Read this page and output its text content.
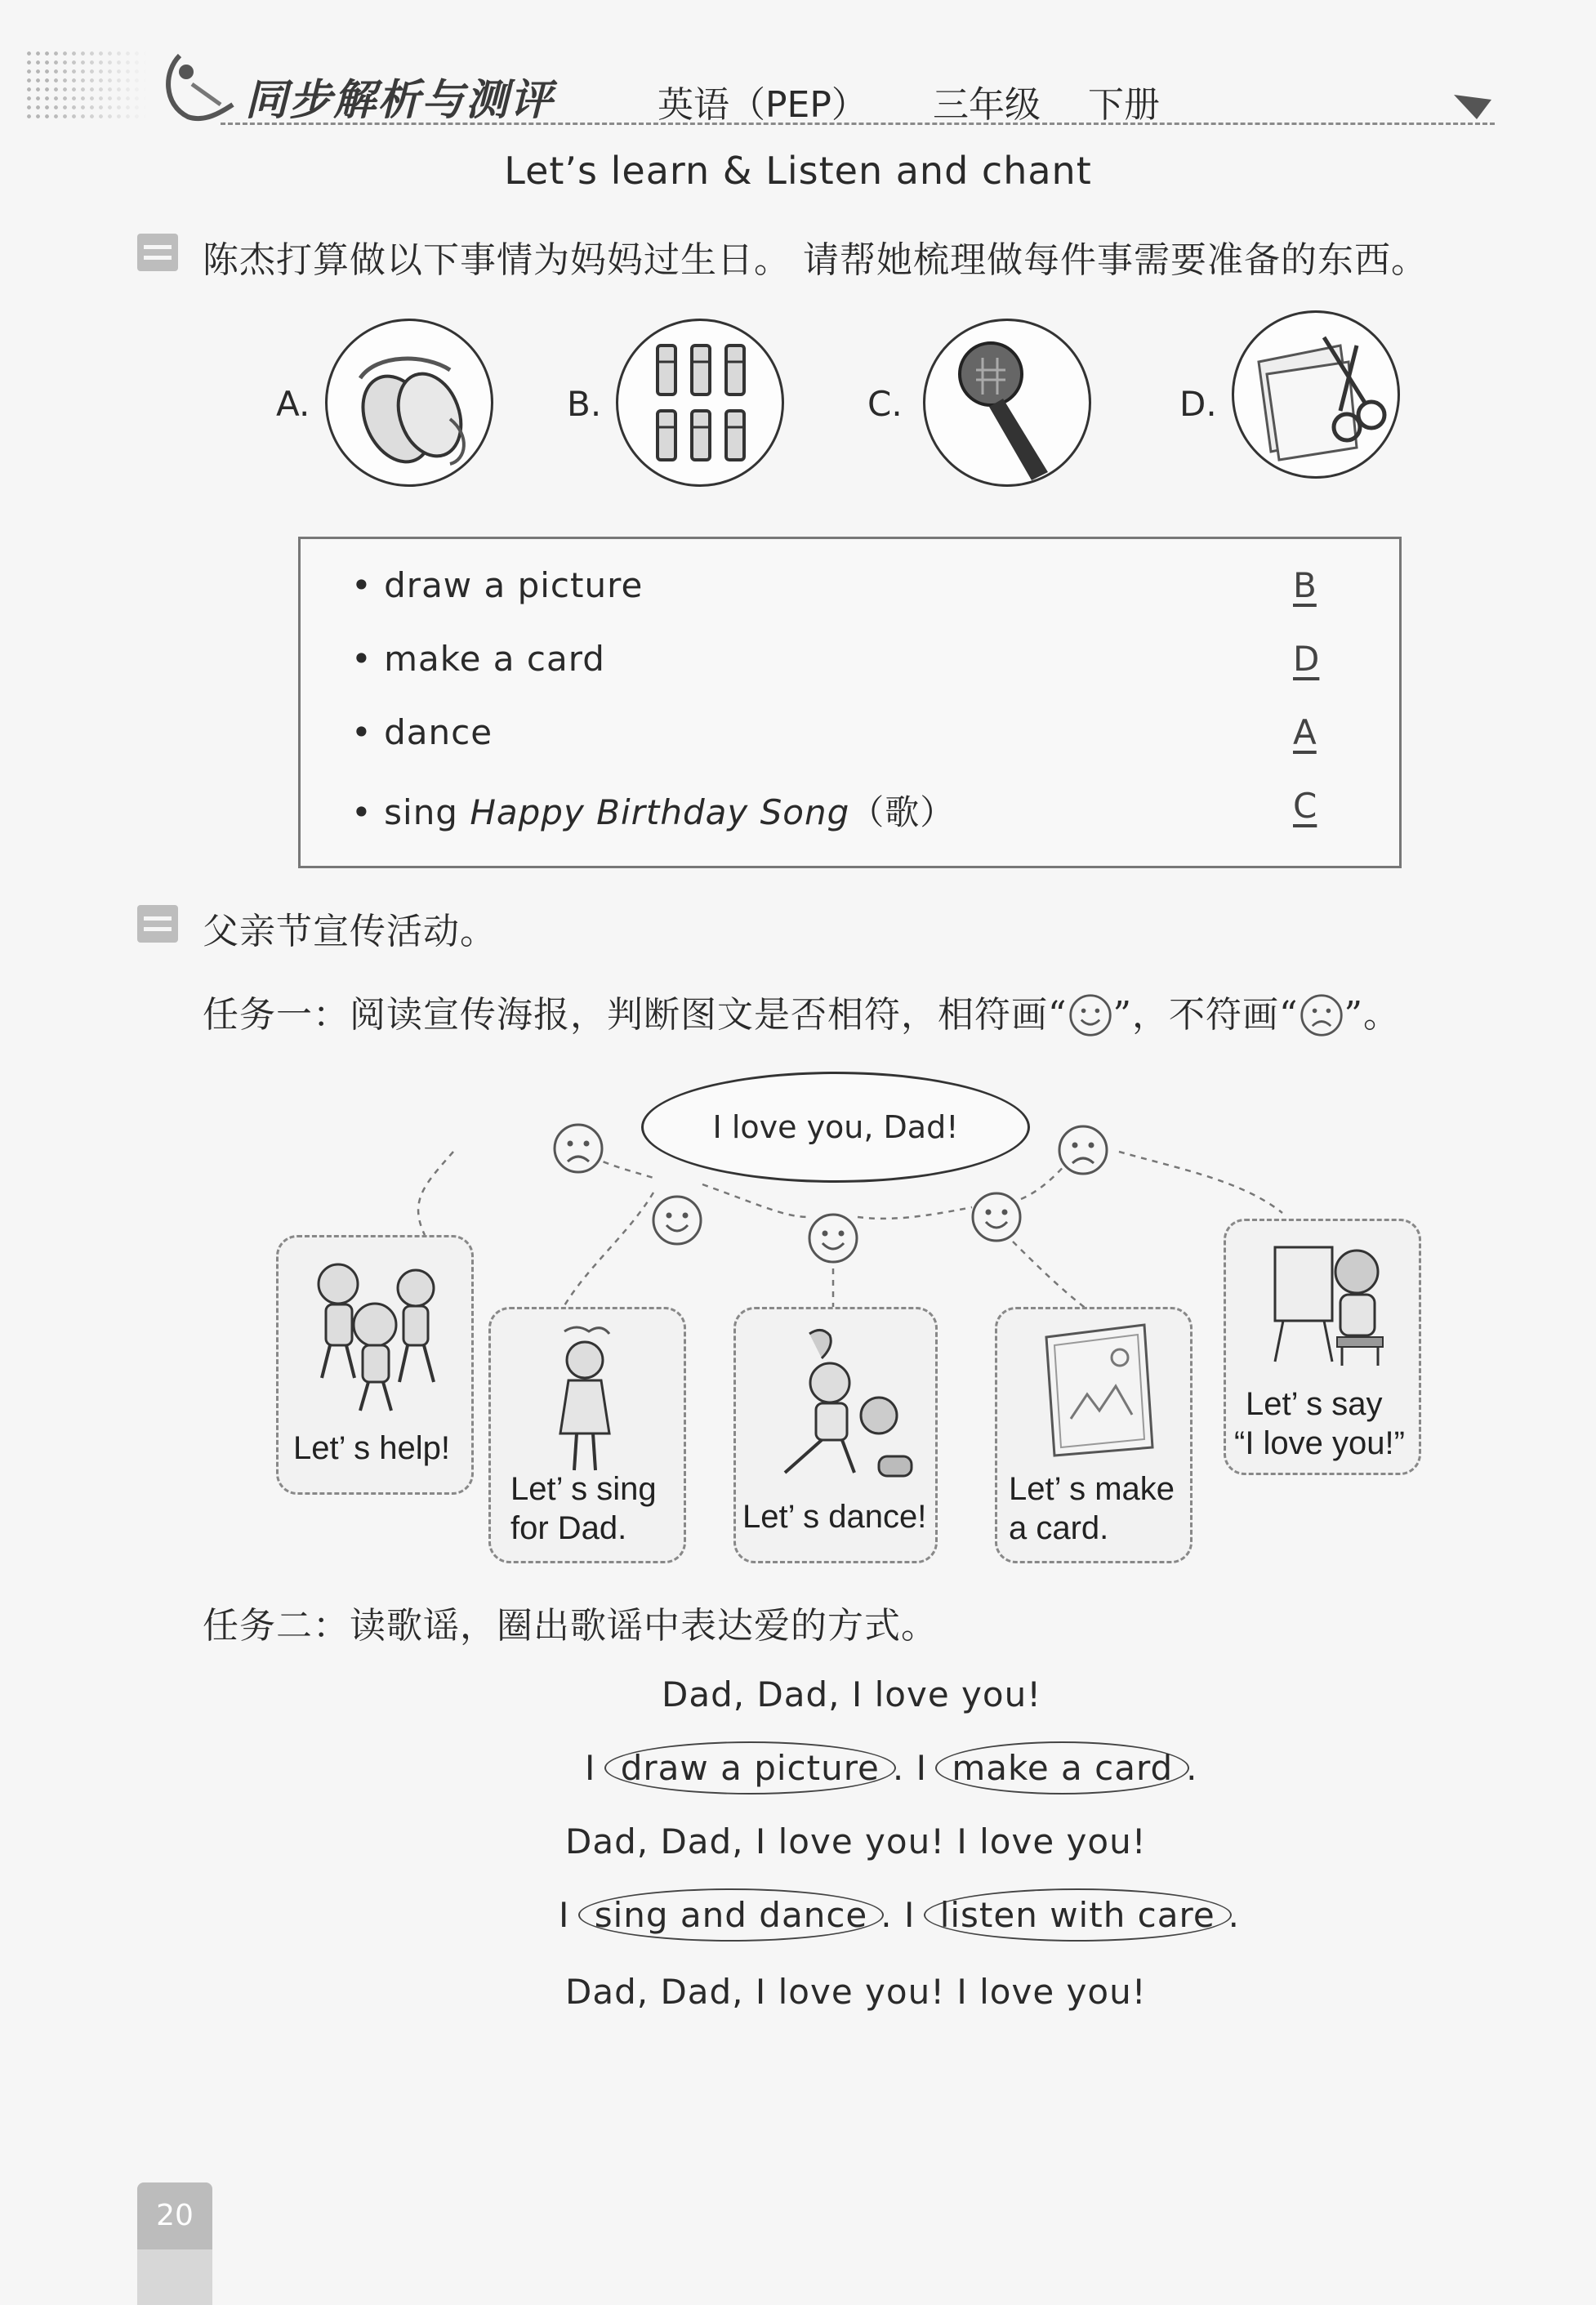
同步解析与测评	英语（PEP） 三年级 下册
Let’s learn & Listen and chant
陈杰打算做以下事情为妈妈过生日。 请帮她梳理做每件事需要准备的东西。
A.	B.	C.	D.
• draw a picture	B
• make a card	D
• dance	A
• sing Happy Birthday Song（歌）	C
父亲节宣传活动。
任务一：阅读宣传海报，判断图文是否相符，相符画“ ”，不符画“ ”。
I love you, Dad!
Let’ s help!
Let’ s sing
for Dad.	Let’ s dance!
Let’ s make
a card.
Let’ s say
“I love you!”
任务二：读歌谣，圈出歌谣中表达爱的方式。
Dad, Dad, I love you!
I draw a picture . I make a card .
Dad, Dad, I love you! I love you!
I sing and dance . I listen with care .
Dad, Dad, I love you! I love you!
20
